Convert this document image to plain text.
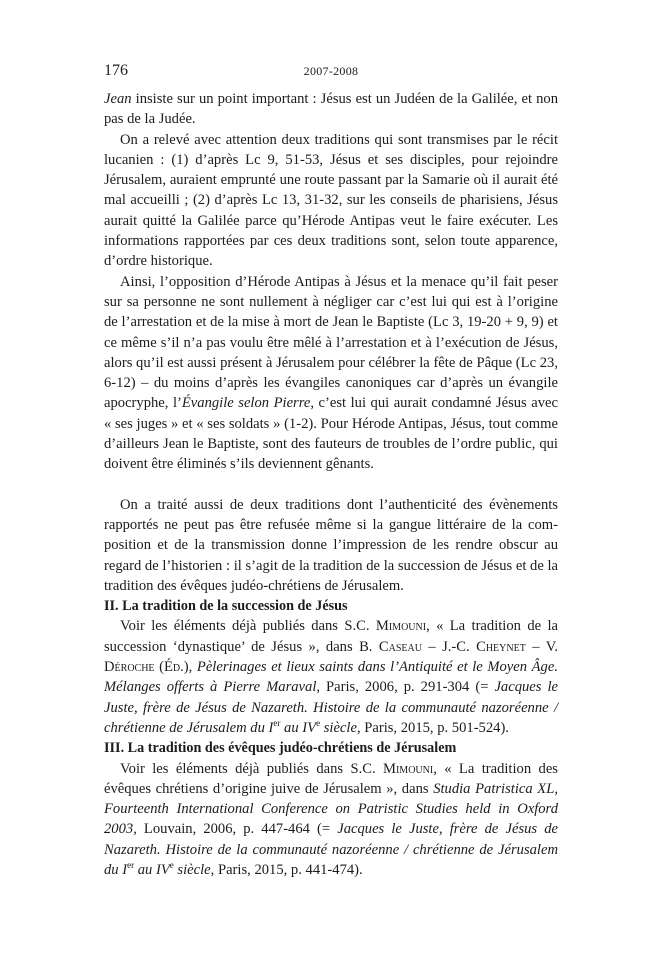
176	2007-2008

Jean insiste sur un point important : Jésus est un Judéen de la Galilée, et non pas de la Judée.

On a relevé avec attention deux traditions qui sont transmises par le récit lucanien : (1) d’après Lc 9, 51-53, Jésus et ses disciples, pour rejoindre Jérusalem, auraient emprunté une route passant par la Samarie où il aurait été mal accueilli ; (2) d’après Lc 13, 31-32, sur les conseils de pharisiens, Jésus aurait quitté la Galilée parce qu’Hérode Antipas veut le faire exécuter. Les informations rapportées par ces deux traditions sont, selon toute apparence, d’ordre historique.

Ainsi, l’opposition d’Hérode Antipas à Jésus et la menace qu’il fait peser sur sa personne ne sont nullement à négliger car c’est lui qui est à l’origine de l’arrestation et de la mise à mort de Jean le Baptiste (Lc 3, 19-20 + 9, 9) et ce même s’il n’a pas voulu être mêlé à l’arrestation et à l’exécution de Jésus, alors qu’il est aussi présent à Jérusalem pour célébrer la fête de Pâque (Lc 23, 6-12) – du moins d’après les évangiles canoniques car d’après un évangile apocryphe, l’Évangile selon Pierre, c’est lui qui aurait condamné Jésus avec « ses juges » et « ses soldats » (1-2). Pour Hérode Antipas, Jésus, tout comme d’ailleurs Jean le Baptiste, sont des fauteurs de troubles de l’ordre public, qui doivent être éliminés s’ils deviennent gênants.

On a traité aussi de deux traditions dont l’authenticité des évènements rapportés ne peut pas être refusée même si la gangue littéraire de la composition et de la transmission donne l’impression de les rendre obscur au regard de l’historien : il s’agit de la tradition de la succession de Jésus et de la tradition des évêques judéo-chrétiens de Jérusalem.

II. La tradition de la succession de Jésus

Voir les éléments déjà publiés dans S.C. Mimouni, « La tradition de la succession ‘dynastique’ de Jésus », dans B. Caseau – J.-C. Cheynet – V. Déroche (Éd.), Pèlerinages et lieux saints dans l’Antiquité et le Moyen Âge. Mélanges offerts à Pierre Maraval, Paris, 2006, p. 291-304 (= Jacques le Juste, frère de Jésus de Nazareth. Histoire de la communauté nazoréenne / chrétienne de Jérusalem du Ier au IVe siècle, Paris, 2015, p. 501-524).

III. La tradition des évêques judéo-chrétiens de Jérusalem

Voir les éléments déjà publiés dans S.C. Mimouni, « La tradition des évêques chrétiens d’origine juive de Jérusalem », dans Studia Patristica XL, Fourteenth International Conference on Patristic Studies held in Oxford 2003, Louvain, 2006, p. 447-464 (= Jacques le Juste, frère de Jésus de Nazareth. Histoire de la communauté nazoréenne / chrétienne de Jérusalem du Ier au IVe siècle, Paris, 2015, p. 441-474).
